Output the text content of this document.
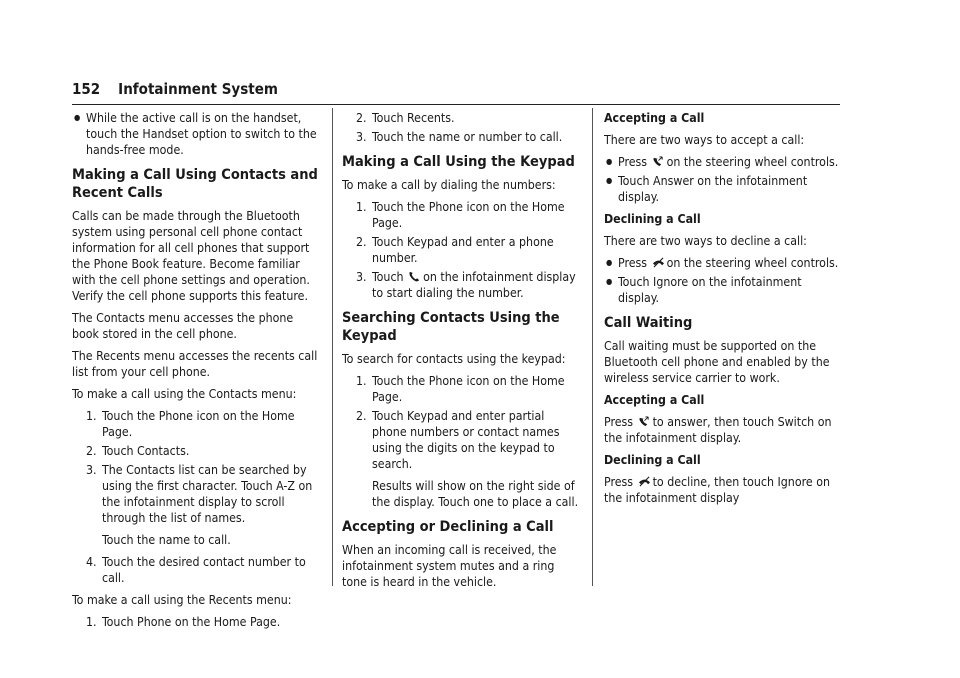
152 Infotainment System
● While the active call is on the handset, touch the Handset option to switch to the hands-free mode.
Making a Call Using Contacts and Recent Calls

Calls can be made through the Bluetooth system using personal cell phone contact information for all cell phones that support the Phone Book feature. Become familiar with the cell phone settings and operation. Verify the cell phone supports this feature.

The Contacts menu accesses the phone book stored in the cell phone.

The Recents menu accesses the recents call list from your cell phone.

To make a call using the Contacts menu:

1. Touch the Phone icon on the Home Page.
2. Touch Contacts.
3. The Contacts list can be searched by using the first character. Touch A-Z on the infotainment display to scroll through the list of names.

Touch the name to call.

4. Touch the desired contact number to call.

To make a call using the Recents menu:

1. Touch Phone on the Home Page.
2. Touch Recents.
3. Touch the name or number to call.
Making a Call Using the Keypad

To make a call by dialing the numbers:

1. Touch the Phone icon on the Home Page.
2. Touch Keypad and enter a phone number.
3. Touch on the infotainment display to start dialing the number.
Searching Contacts Using the Keypad

To search for contacts using the keypad:

1. Touch the Phone icon on the Home Page.
2. Touch Keypad and enter partial phone numbers or contact names using the digits on the keypad to search.

Results will show on the right side of the display. Touch one to place a call.

Accepting or Declining a Call

When an incoming call is received, the infotainment system mutes and a ring tone is heard in the vehicle.

Accepting a Call

There are two ways to accept a call:

● Press on the steering wheel controls.
● Touch Answer on the infotainment display.
Declining a Call

There are two ways to decline a call:

● Press on the steering wheel controls.
● Touch Ignore on the infotainment display.
Call Waiting

Call waiting must be supported on the Bluetooth cell phone and enabled by the wireless service carrier to work.

Accepting a Call

Press to answer, then touch Switch on the infotainment display.

Declining a Call

Press to decline, then touch Ignore on the infotainment display
